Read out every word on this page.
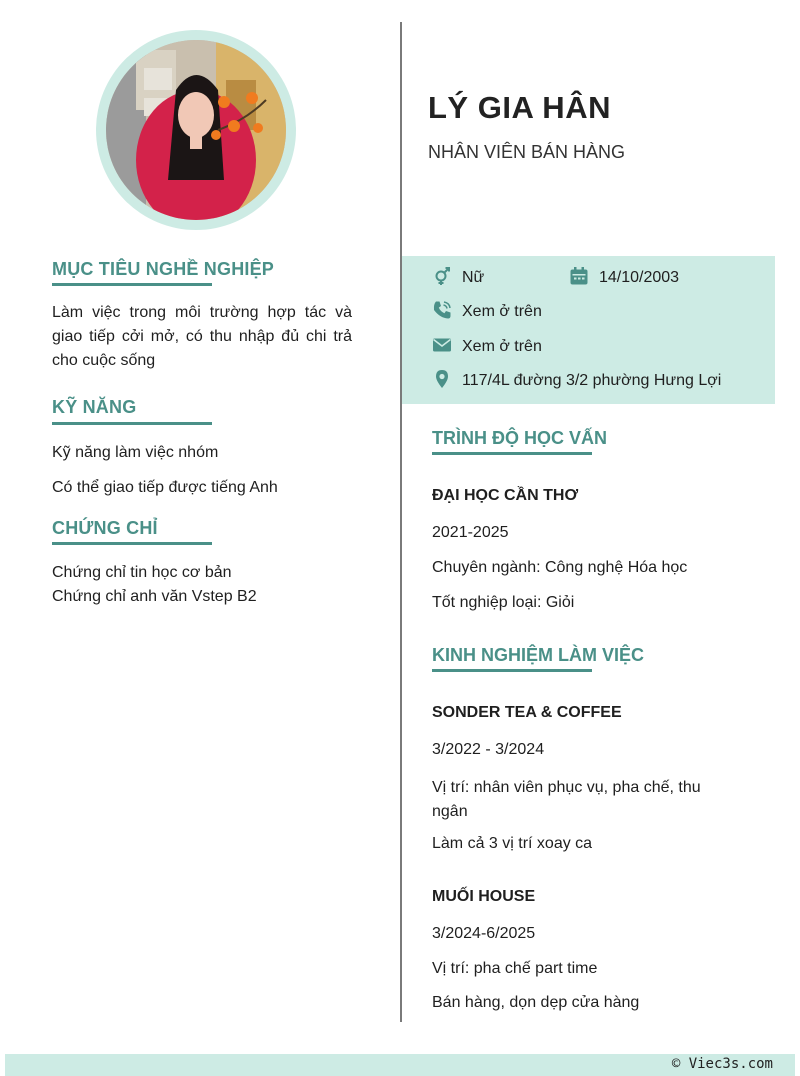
MỤC TIÊU NGHỀ NGHIỆP
Làm việc trong môi trường hợp tác và giao tiếp cởi mở, có thu nhập đủ chi trả cho cuộc sống
KỸ NĂNG
Kỹ năng làm việc nhóm
Có thể giao tiếp được tiếng Anh
CHỨNG CHỈ
Chứng chỉ tin học cơ bản
Chứng chỉ anh văn Vstep B2
LÝ GIA HÂN
NHÂN VIÊN BÁN HÀNG
Nữ	14/10/2003
Xem ở trên
Xem ở trên
117/4L đường 3/2 phường Hưng Lợi
TRÌNH ĐỘ HỌC VẤN
ĐẠI HỌC CẦN THƠ
2021-2025
Chuyên ngành: Công nghệ Hóa học
Tốt nghiệp loại: Giỏi
KINH NGHIỆM LÀM VIỆC
SONDER TEA & COFFEE
3/2022 - 3/2024
Vị trí: nhân viên phục vụ, pha chế, thu ngân
Làm cả 3 vị trí xoay ca
MUỐI HOUSE
3/2024-6/2025
Vị trí: pha chế part time
Bán hàng, dọn dẹp cửa hàng
© Viec3s.com
